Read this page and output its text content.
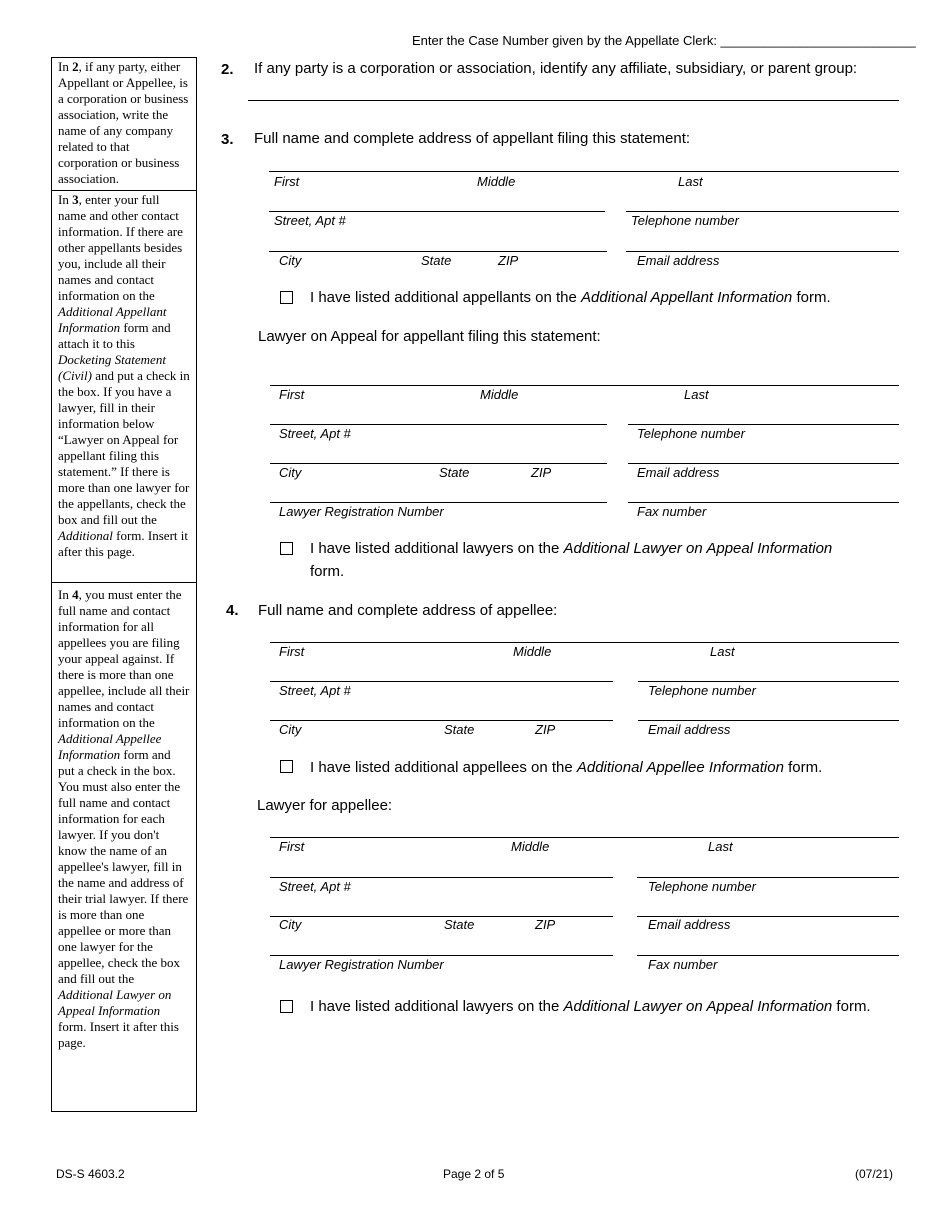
Enter the Case Number given by the Appellate Clerk: ___________________________
In 2, if any party, either Appellant or Appellee, is a corporation or business association, write the name of any company related to that corporation or business association.
In 3, enter your full name and other contact information. If there are other appellants besides you, include all their names and contact information on the Additional Appellant Information form and attach it to this Docketing Statement (Civil) and put a check in the box. If you have a lawyer, fill in their information below “Lawyer on Appeal for appellant filing this statement.” If there is more than one lawyer for the appellants, check the box and fill out the Additional form. Insert it after this page.
In 4, you must enter the full name and contact information for all appellees you are filing your appeal against. If there is more than one appellee, include all their names and contact information on the Additional Appellee Information form and put a check in the box. You must also enter the full name and contact information for each lawyer. If you don't know the name of an appellee's lawyer, fill in the name and address of their trial lawyer. If there is more than one appellee or more than one lawyer for the appellee, check the box and fill out the Additional Lawyer on Appeal Information form. Insert it after this page.
2. If any party is a corporation or association, identify any affiliate, subsidiary, or parent group:
3. Full name and complete address of appellant filing this statement:
First	Middle	Last
Street, Apt #	Telephone number
City	State	ZIP	Email address
I have listed additional appellants on the Additional Appellant Information form.
Lawyer on Appeal for appellant filing this statement:
First	Middle	Last
Street, Apt #	Telephone number
City	State	ZIP	Email address
Lawyer Registration Number	Fax number
I have listed additional lawyers on the Additional Lawyer on Appeal Information
form.
4. Full name and complete address of appellee:
First	Middle	Last
Street, Apt #	Telephone number
City	State	ZIP	Email address
I have listed additional appellees on the Additional Appellee Information form.
Lawyer for appellee:
First	Middle	Last
Street, Apt #	Telephone number
City	State	ZIP	Email address
Lawyer Registration Number	Fax number
I have listed additional lawyers on the Additional Lawyer on Appeal Information form.
DS-S 4603.2	Page 2 of 5	(07/21)
